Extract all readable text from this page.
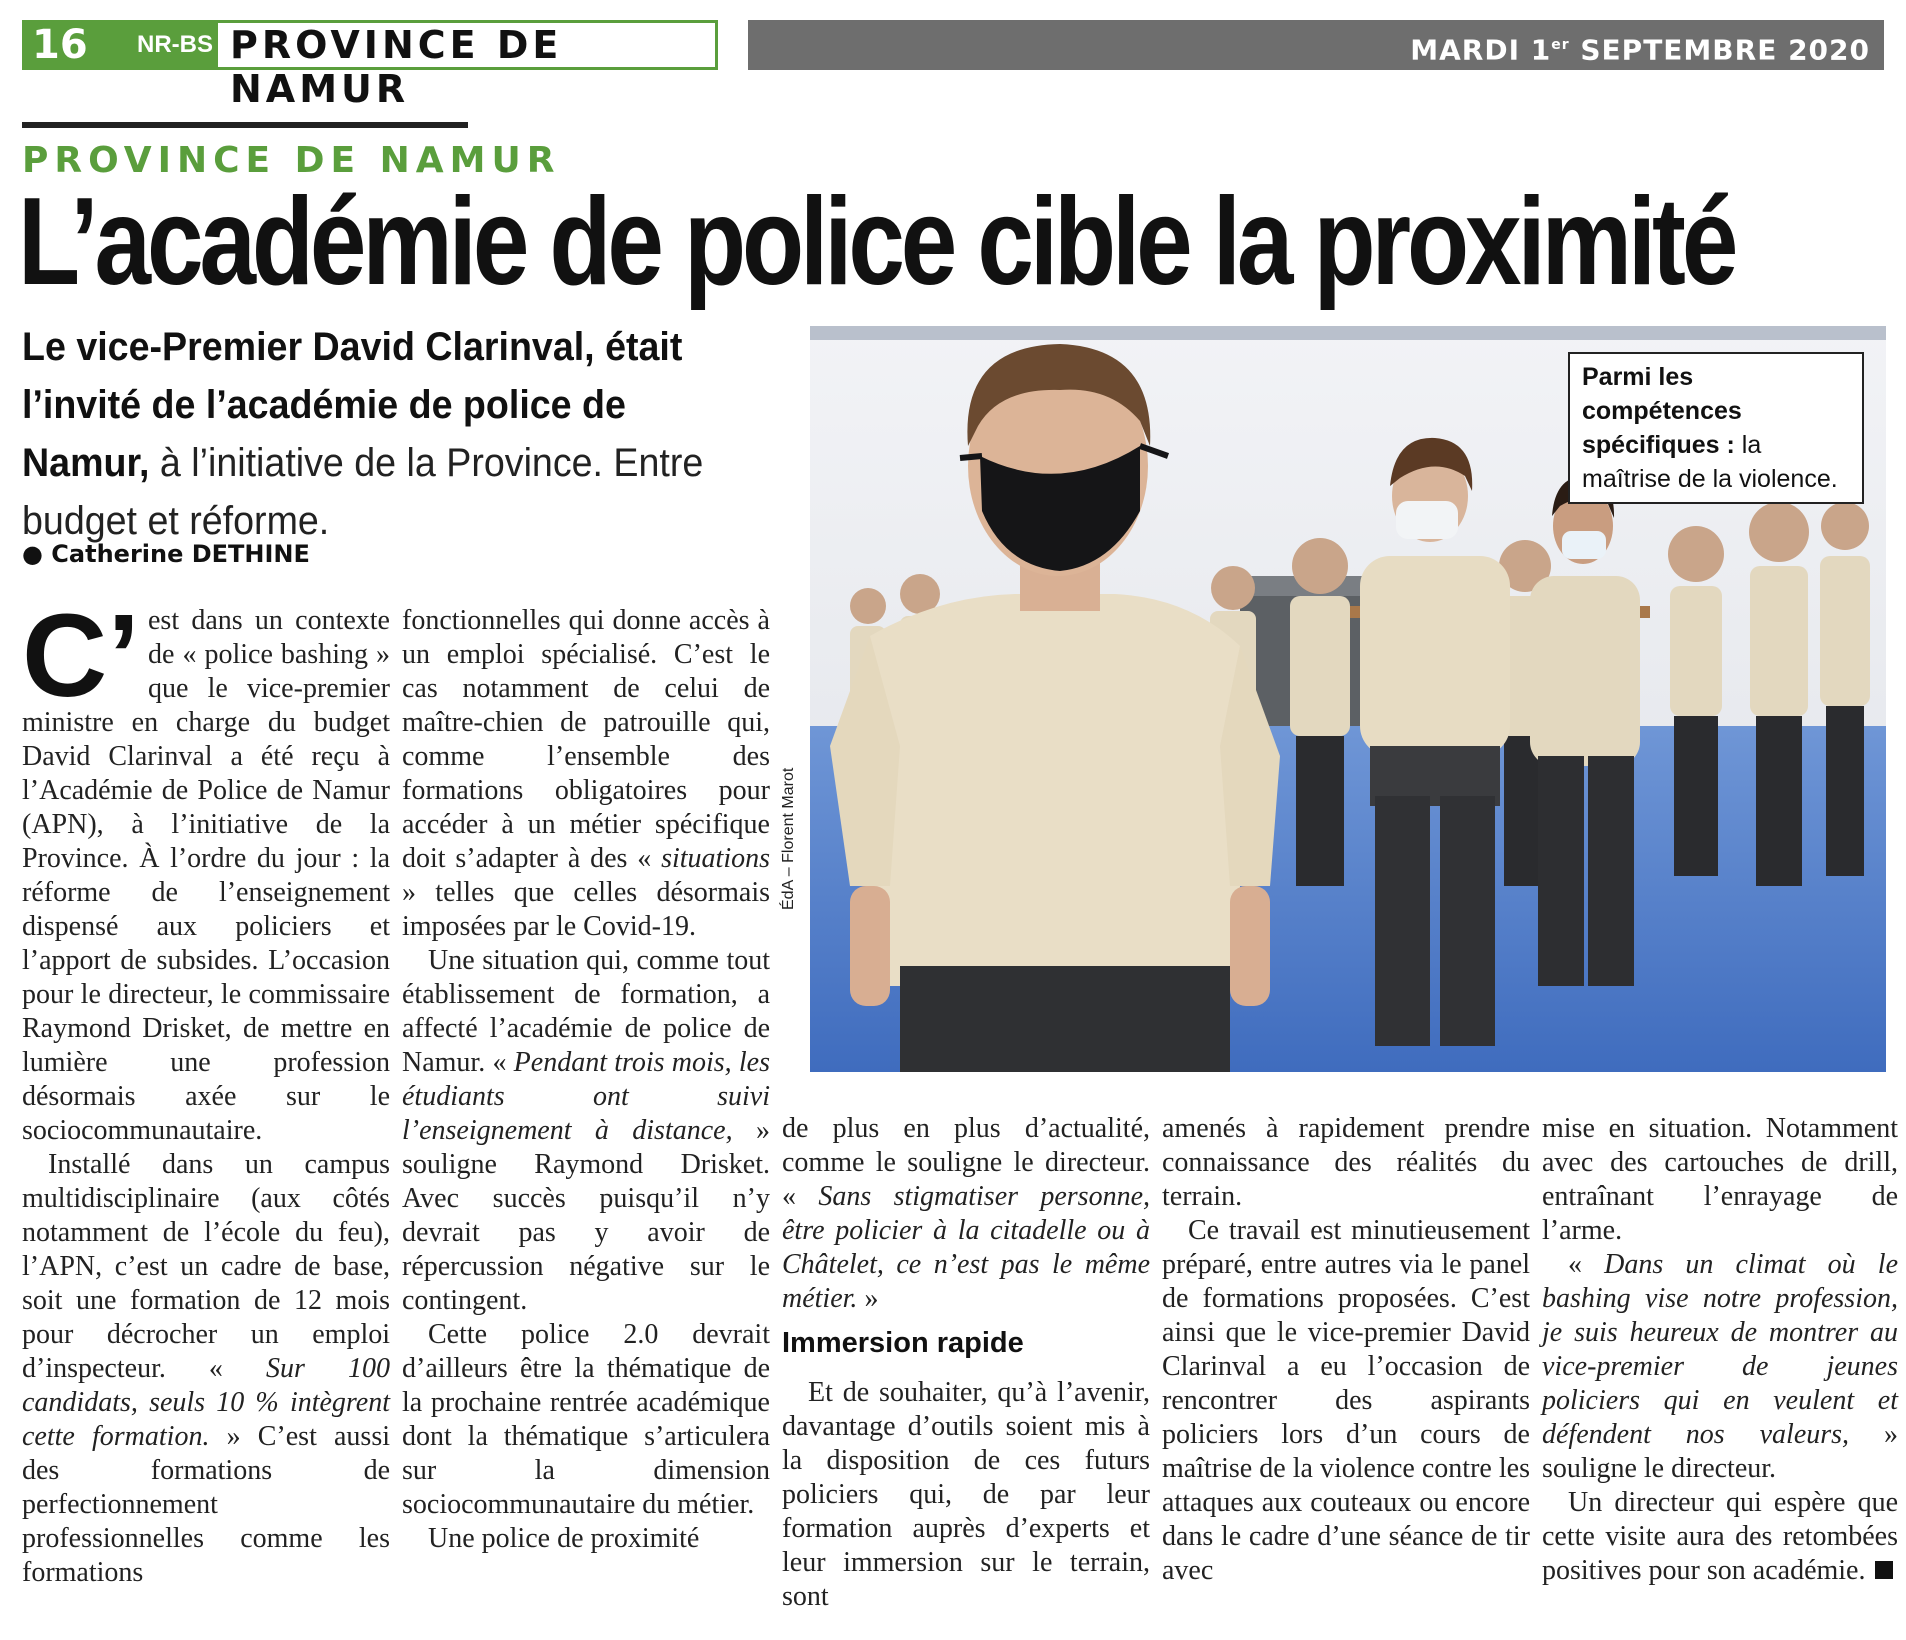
16	NR-BS PROVINCE DE NAMUR
MARDI 1er SEPTEMBRE 2020
PROVINCE DE NAMUR
L’académie de police cible la proximité
Le vice-Premier David Clarinval, était l’invité de l’académie de police de Namur, à l’initiative de la Province. Entre budget et réforme.
● Catherine DETHINE
ÉdA – Florent Marot
Parmi les compétences spécifiques : la maîtrise de la violence.

C’ est dans un contexte de « police bashing » que le vice-premier ministre en charge du budget David Clarinval a été reçu à l’Académie de Police de Namur (APN), à l’initiative de la Province. À l’ordre du jour : la réforme de l’enseignement dispensé aux policiers et l’apport de subsides. L’occasion pour le directeur, le commissaire Raymond Drisket, de mettre en lumière une profession désormais axée sur le sociocommunautaire.

Installé dans un campus multidisciplinaire (aux côtés notamment de l’école du feu), l’APN, c’est un cadre de base, soit une formation de 12 mois pour décrocher un emploi d’inspecteur. « Sur 100 candidats, seuls 10 % intègrent cette formation. » C’est aussi des formations de perfectionnement professionnelles comme les formations

fonctionnelles qui donne accès à un emploi spécialisé. C’est le cas notamment de celui de maître-chien de patrouille qui, comme l’ensemble des formations obligatoires pour accéder à un métier spécifique doit s’adapter à des « situations » telles que celles désormais imposées par le Covid-19.

Une situation qui, comme tout établissement de formation, a affecté l’académie de police de Namur. « Pendant trois mois, les étudiants ont suivi l’enseignement à distance, » souligne Raymond Drisket. Avec succès puisqu’il n’y devrait pas y avoir de répercussion négative sur le contingent.

Cette police 2.0 devrait d’ailleurs être la thématique de la prochaine rentrée académique dont la thématique s’articulera sur la dimension sociocommunautaire du métier.

Une police de proximité

de plus en plus d’actualité, comme le souligne le directeur. « Sans stigmatiser personne, être policier à la citadelle ou à Châtelet, ce n’est pas le même métier. »

Immersion rapide

Et de souhaiter, qu’à l’avenir, davantage d’outils soient mis à la disposition de ces futurs policiers qui, de par leur formation auprès d’experts et leur immersion sur le terrain, sont

amenés à rapidement prendre connaissance des réalités du terrain.

Ce travail est minutieusement préparé, entre autres via le panel de formations proposées. C’est ainsi que le vice-premier David Clarinval a eu l’occasion de rencontrer des aspirants policiers lors d’un cours de maîtrise de la violence contre les attaques aux couteaux ou encore dans le cadre d’une séance de tir avec

mise en situation. Notamment avec des cartouches de drill, entraînant l’enrayage de l’arme.

« Dans un climat où le bashing vise notre profession, je suis heureux de montrer au vice-premier de jeunes policiers qui en veulent et défendent nos valeurs, » souligne le directeur.

Un directeur qui espère que cette visite aura des retombées positives pour son académie.
